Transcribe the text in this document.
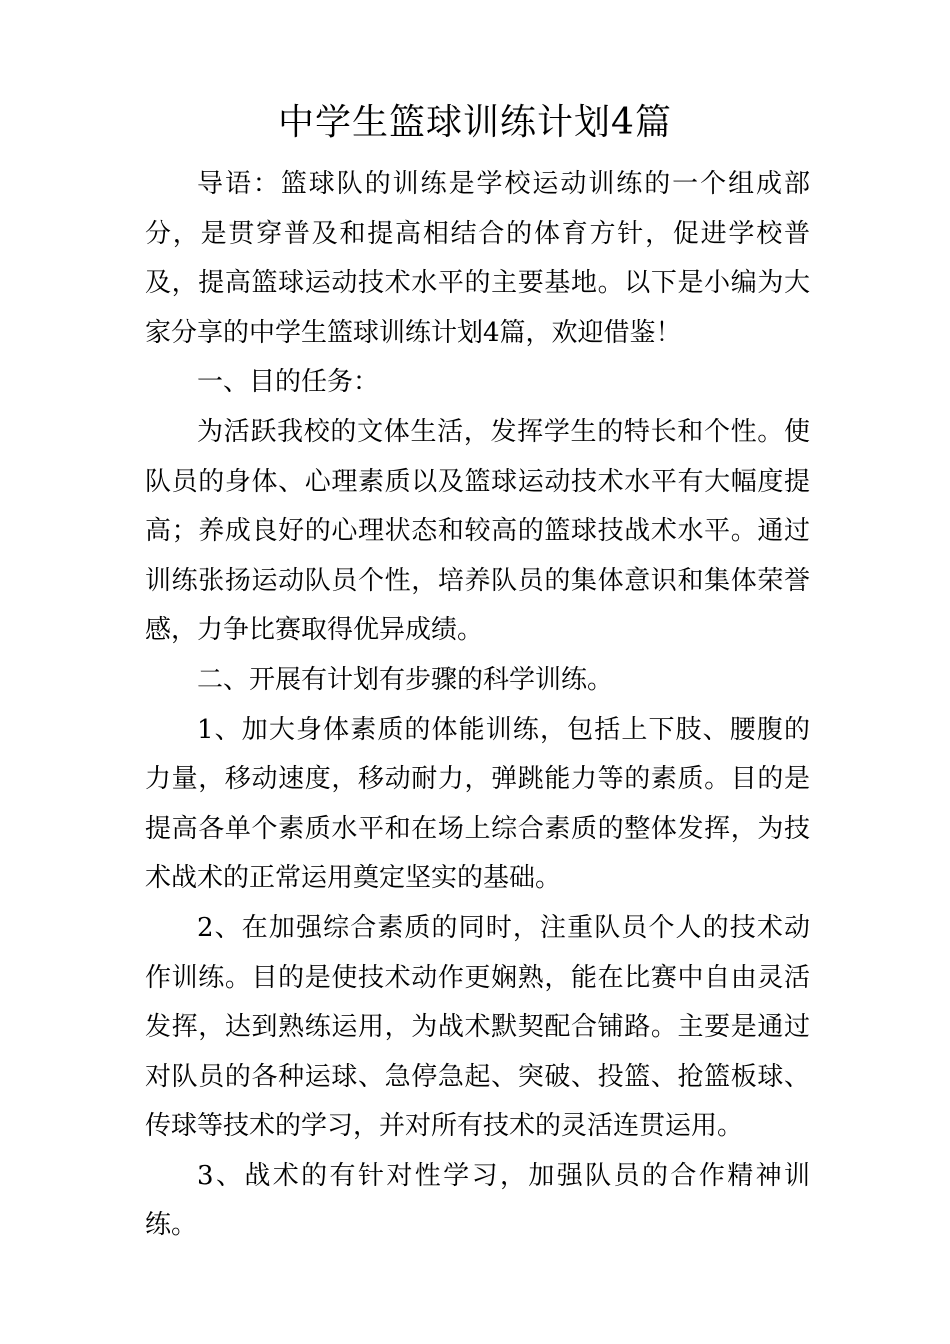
中学生篮球训练计划4篇

导语：篮球队的训练是学校运动训练的一个组成部分，是贯穿普及和提高相结合的体育方针，促进学校普及，提高篮球运动技术水平的主要基地。以下是小编为大家分享的中学生篮球训练计划4篇，欢迎借鉴！

一、目的任务：

为活跃我校的文体生活，发挥学生的特长和个性。使队员的身体、心理素质以及篮球运动技术水平有大幅度提高；养成良好的心理状态和较高的篮球技战术水平。通过训练张扬运动队员个性，培养队员的集体意识和集体荣誉感，力争比赛取得优异成绩。

二、开展有计划有步骤的科学训练。

1、加大身体素质的体能训练，包括上下肢、腰腹的力量，移动速度，移动耐力，弹跳能力等的素质。目的是提高各单个素质水平和在场上综合素质的整体发挥，为技术战术的正常运用奠定坚实的基础。

2、在加强综合素质的同时，注重队员个人的技术动作训练。目的是使技术动作更娴熟，能在比赛中自由灵活发挥，达到熟练运用，为战术默契配合铺路。主要是通过对队员的各种运球、急停急起、突破、投篮、抢篮板球、传球等技术的学习，并对所有技术的灵活连贯运用。

3、战术的有针对性学习，加强队员的合作精神训练。
